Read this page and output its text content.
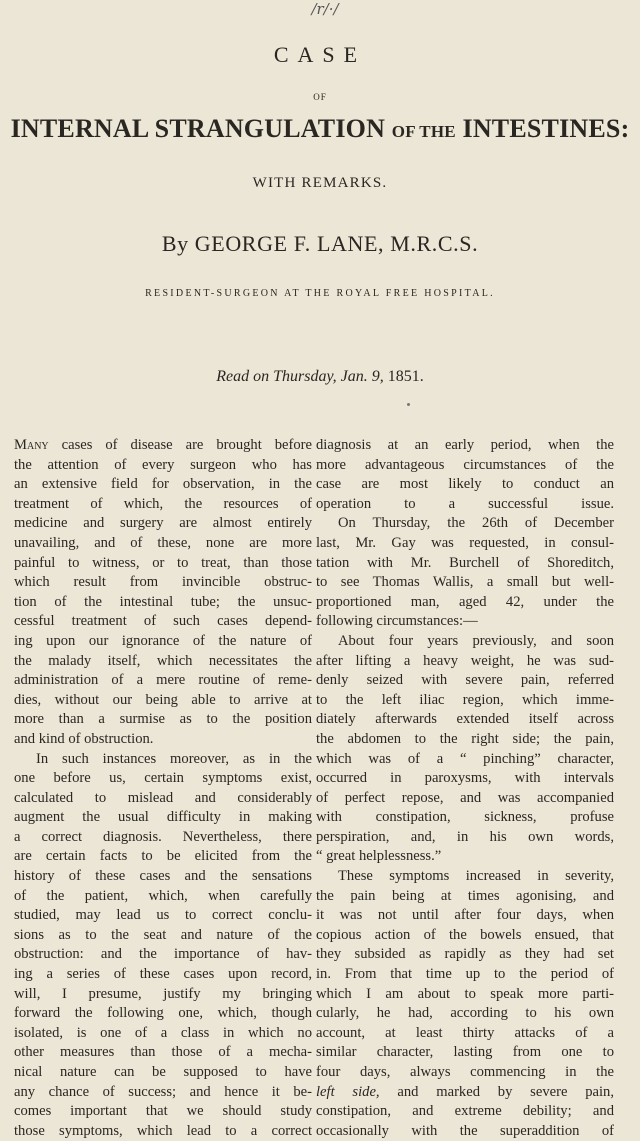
/r/·/
CASE
OF
INTERNAL STRANGULATION OF THE INTESTINES:
WITH REMARKS.
By GEORGE F. LANE, M.R.C.S.
RESIDENT-SURGEON AT THE ROYAL FREE HOSPITAL.
Read on Thursday, Jan. 9, 1851.
Many cases of disease are brought before
the attention of every surgeon who has
an extensive field for observation, in the
treatment of which, the resources of
medicine and surgery are almost entirely
unavailing, and of these, none are more
painful to witness, or to treat, than those
which result from invincible obstruc-
tion of the intestinal tube; the unsuc-
cessful treatment of such cases depend-
ing upon our ignorance of the nature of
the malady itself, which necessitates the
administration of a mere routine of reme-
dies, without our being able to arrive at
more than a surmise as to the position
and kind of obstruction.
In such instances moreover, as in the
one before us, certain symptoms exist,
calculated to mislead and considerably
augment the usual difficulty in making
a correct diagnosis. Nevertheless, there
are certain facts to be elicited from the
history of these cases and the sensations
of the patient, which, when carefully
studied, may lead us to correct conclu-
sions as to the seat and nature of the
obstruction: and the importance of hav-
ing a series of these cases upon record,
will, I presume, justify my bringing
forward the following one, which, though
isolated, is one of a class in which no
other measures than those of a mecha-
nical nature can be supposed to have
any chance of success; and hence it be-
comes important that we should study
those symptoms, which lead to a correct
diagnosis at an early period, when the
more advantageous circumstances of the
case are most likely to conduct an
operation to a successful issue.
On Thursday, the 26th of December
last, Mr. Gay was requested, in consul-
tation with Mr. Burchell of Shoreditch,
to see Thomas Wallis, a small but well-
proportioned man, aged 42, under the
following circumstances:—
About four years previously, and soon
after lifting a heavy weight, he was sud-
denly seized with severe pain, referred
to the left iliac region, which imme-
diately afterwards extended itself across
the abdomen to the right side; the pain,
which was of a “ pinching” character,
occurred in paroxysms, with intervals
of perfect repose, and was accompanied
with constipation, sickness, profuse
perspiration, and, in his own words,
“ great helplessness.”
These symptoms increased in severity,
the pain being at times agonising, and
it was not until after four days, when
copious action of the bowels ensued, that
they subsided as rapidly as they had set
in. From that time up to the period of
which I am about to speak more parti-
cularly, he had, according to his own
account, at least thirty attacks of a
similar character, lasting from one to
four days, always commencing in the
left side, and marked by severe pain,
constipation, and extreme debility; and
occasionally with the superaddition of
